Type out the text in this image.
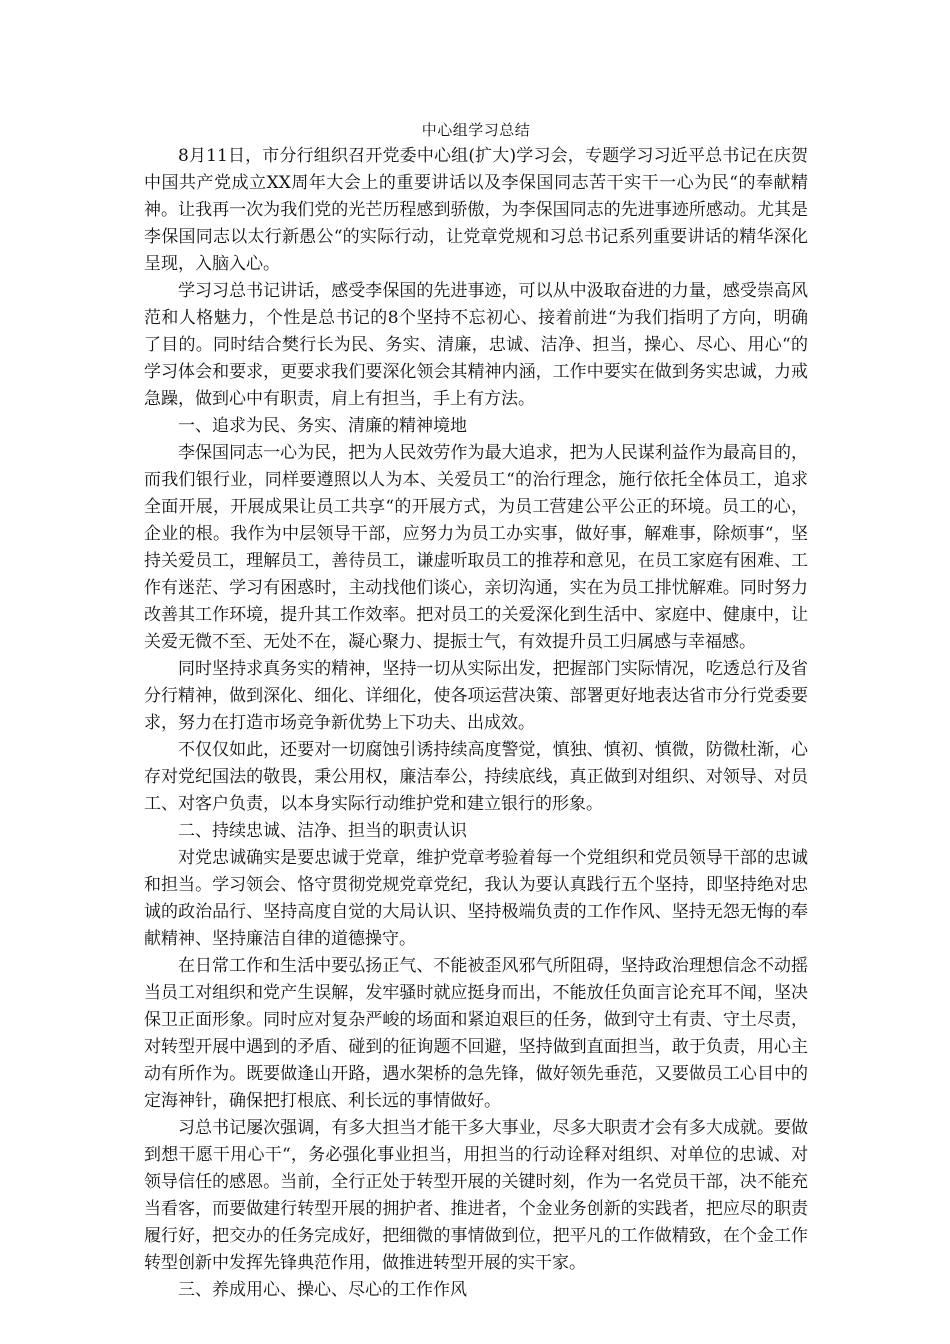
中心组学习总结

8月11日，市分行组织召开党委中心组(扩大)学习会，专题学习习近平总书记在庆贺中国共产党成立XX周年大会上的重要讲话以及李保国同志苦干实干一心为民“的奉献精神。让我再一次为我们党的光芒历程感到骄傲，为李保国同志的先进事迹所感动。尤其是李保国同志以太行新愚公“的实际行动，让党章党规和习总书记系列重要讲话的精华深化呈现，入脑入心。

学习习总书记讲话，感受李保国的先进事迹，可以从中汲取奋进的力量，感受崇高风范和人格魅力，个性是总书记的8个坚持不忘初心、接着前进“为我们指明了方向，明确了目的。同时结合樊行长为民、务实、清廉，忠诚、洁净、担当，操心、尽心、用心“的学习体会和要求，更要求我们要深化领会其精神内涵，工作中要实在做到务实忠诚，力戒急躁，做到心中有职责，肩上有担当，手上有方法。

一、追求为民、务实、清廉的精神境地

李保国同志一心为民，把为人民效劳作为最大追求，把为人民谋利益作为最高目的，而我们银行业，同样要遵照以人为本、关爱员工“的治行理念，施行依托全体员工，追求全面开展，开展成果让员工共享“的开展方式，为员工营建公平公正的环境。员工的心，企业的根。我作为中层领导干部，应努力为员工办实事，做好事，解难事，除烦事“，坚持关爱员工，理解员工，善待员工，谦虚听取员工的推荐和意见，在员工家庭有困难、工作有迷茫、学习有困惑时，主动找他们谈心，亲切沟通，实在为员工排忧解难。同时努力改善其工作环境，提升其工作效率。把对员工的关爱深化到生活中、家庭中、健康中，让关爱无微不至、无处不在，凝心聚力、提振士气，有效提升员工归属感与幸福感。

同时坚持求真务实的精神，坚持一切从实际出发，把握部门实际情况，吃透总行及省分行精神，做到深化、细化、详细化，使各项运营决策、部署更好地表达省市分行党委要求，努力在打造市场竞争新优势上下功夫、出成效。

不仅仅如此，还要对一切腐蚀引诱持续高度警觉，慎独、慎初、慎微，防微杜渐，心存对党纪国法的敬畏，秉公用权，廉洁奉公，持续底线，真正做到对组织、对领导、对员工、对客户负责，以本身实际行动维护党和建立银行的形象。

二、持续忠诚、洁净、担当的职责认识

对党忠诚确实是要忠诚于党章，维护党章考验着每一个党组织和党员领导干部的忠诚和担当。学习领会、恪守贯彻党规党章党纪，我认为要认真践行五个坚持，即坚持绝对忠诚的政治品行、坚持高度自觉的大局认识、坚持极端负责的工作作风、坚持无怨无悔的奉献精神、坚持廉洁自律的道德操守。

在日常工作和生活中要弘扬正气、不能被歪风邪气所阻碍，坚持政治理想信念不动摇当员工对组织和党产生误解，发牢骚时就应挺身而出，不能放任负面言论充耳不闻，坚决保卫正面形象。同时应对复杂严峻的场面和紧迫艰巨的任务，做到守土有责、守土尽责，对转型开展中遇到的矛盾、碰到的征询题不回避，坚持做到直面担当，敢于负责，用心主动有所作为。既要做逢山开路，遇水架桥的急先锋，做好领先垂范，又要做员工心目中的定海神针，确保把打根底、利长远的事情做好。

习总书记屡次强调，有多大担当才能干多大事业，尽多大职责才会有多大成就。要做到想干愿干用心干“，务必强化事业担当，用担当的行动诠释对组织、对单位的忠诚、对领导信任的感恩。当前，全行正处于转型开展的关键时刻，作为一名党员干部，决不能充当看客，而要做建行转型开展的拥护者、推进者，个金业务创新的实践者，把应尽的职责履行好，把交办的任务完成好，把细微的事情做到位，把平凡的工作做精致，在个金工作转型创新中发挥先锋典范作用，做推进转型开展的实干家。

三、养成用心、操心、尽心的工作作风
